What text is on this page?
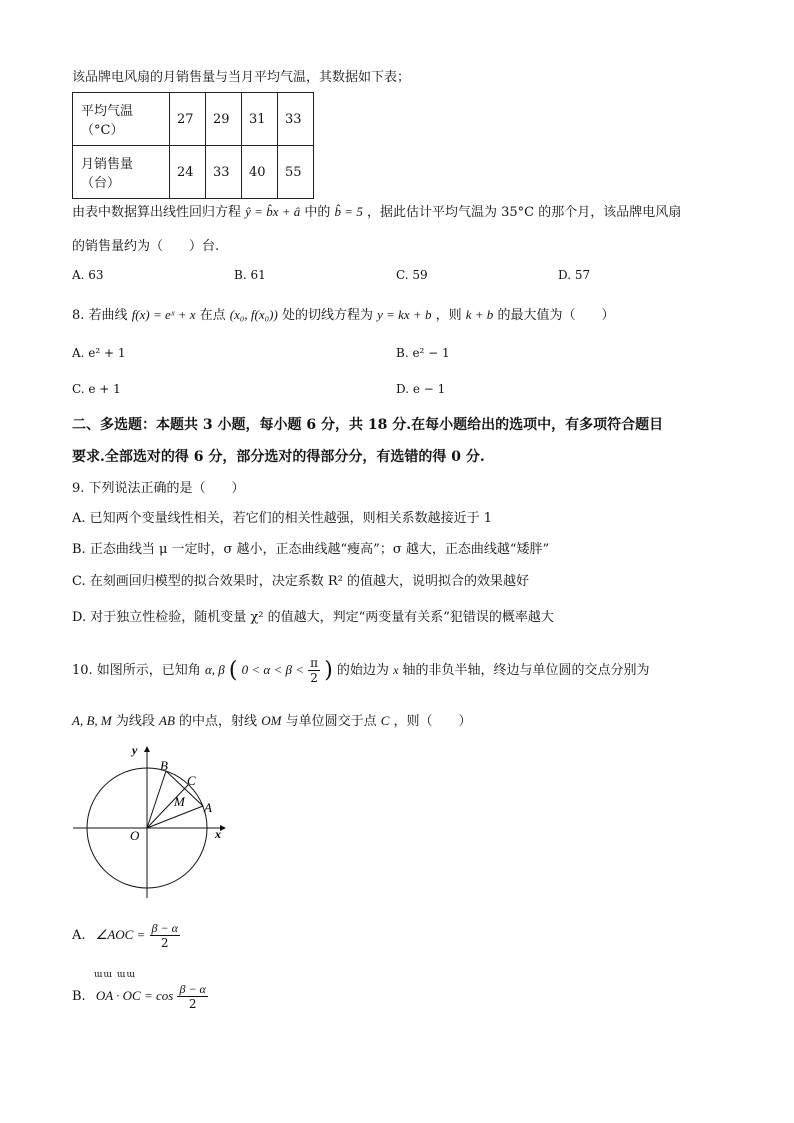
该品牌电风扇的月销售量与当月平均气温，其数据如下表；
平均气温（°C）	27	29	31	33
月销售量（台）	24	33	40	55
由表中数据算出线性回归方程 ŷ = b̂x + â 中的 b̂ = 5 ，据此估计平均气温为 35°C 的那个月，该品牌电风扇
的销售量约为（　　）台.
A. 63	B. 61	C. 59	D. 57
8. 若曲线 f(x) = eˣ + x 在点 (x₀, f(x₀)) 处的切线方程为 y = kx + b ，则 k + b 的最大值为（　　）
A. e² + 1	B. e² − 1
C. e + 1	D. e − 1
二、多选题：本题共 3 小题，每小题 6 分，共 18 分.在每小题给出的选项中，有多项符合题目
要求.全部选对的得 6 分，部分选对的得部分分，有选错的得 0 分.
9. 下列说法正确的是（　　）
A. 已知两个变量线性相关，若它们的相关性越强，则相关系数越接近于 1
B. 正态曲线当 μ 一定时，σ 越小，正态曲线越“瘦高”；σ 越大，正态曲线越“矮胖”
C. 在刻画回归模型的拟合效果时，决定系数 R² 的值越大，说明拟合的效果越好
D. 对于独立性检验，随机变量 χ² 的值越大，判定“两变量有关系”犯错误的概率越大
10. 如图所示，已知角 α, β ( $0 < \alpha < \beta < \frac{\pi}{2}$ ) 的始边为 x 轴的非负半轴，终边与单位圆的交点分别为
A, B, M 为线段 AB 的中点，射线 OM 与单位圆交于点 C ，则（　　）
O
y
x
A
B
C
M
A. ∠AOC = $\frac{\beta - \alpha}{2}$
ɯɯ ɯɯ
B. OA · OC = $\cos \frac{\beta - \alpha}{2}$
